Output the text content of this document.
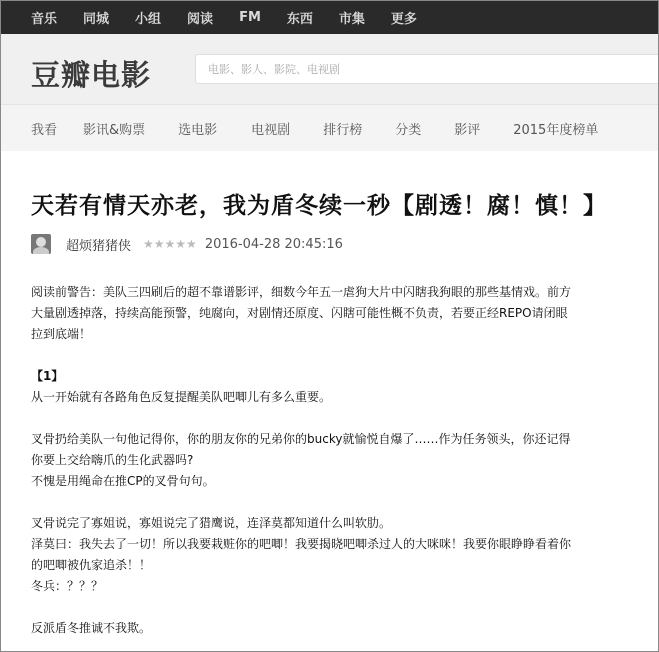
音乐 同城 小组 阅读 FM 东西 市集 更多
豆瓣电影
电影、影人、影院、电视剧
我看 影讯&购票	选电影	电视剧	排行榜	分类	影评	2015年度榜单
天若有情天亦老，我为盾冬续一秒【剧透！腐！慎！】
超烦猪猪侠 ★★★★★ 2016-04-28 20:45:16

阅读前警告：美队三四刷后的超不靠谱影评，细数今年五一虐狗大片中闪瞎我狗眼的那些基情戏。前方
大量剧透掉落，持续高能预警，纯腐向，对剧情还原度、闪瞎可能性概不负责，若要正经REPO请闭眼
拉到底端！

【1】
从一开始就有各路角色反复提醒美队吧唧儿有多么重要。

叉骨扔给美队一句他记得你，你的朋友你的兄弟你的bucky就愉悦自爆了……作为任务领头，你还记得
你要上交给嗨爪的生化武器吗?
不愧是用绳命在推CP的叉骨句句。

叉骨说完了寡姐说，寡姐说完了猎鹰说，连泽莫都知道什么叫软肋。
泽莫曰：我失去了一切！所以我要栽赃你的吧唧！我要揭晓吧唧杀过人的大咪咪！我要你眼睁睁看着你
的吧唧被仇家追杀！！
冬兵：？？？

反派盾冬推诚不我欺。
